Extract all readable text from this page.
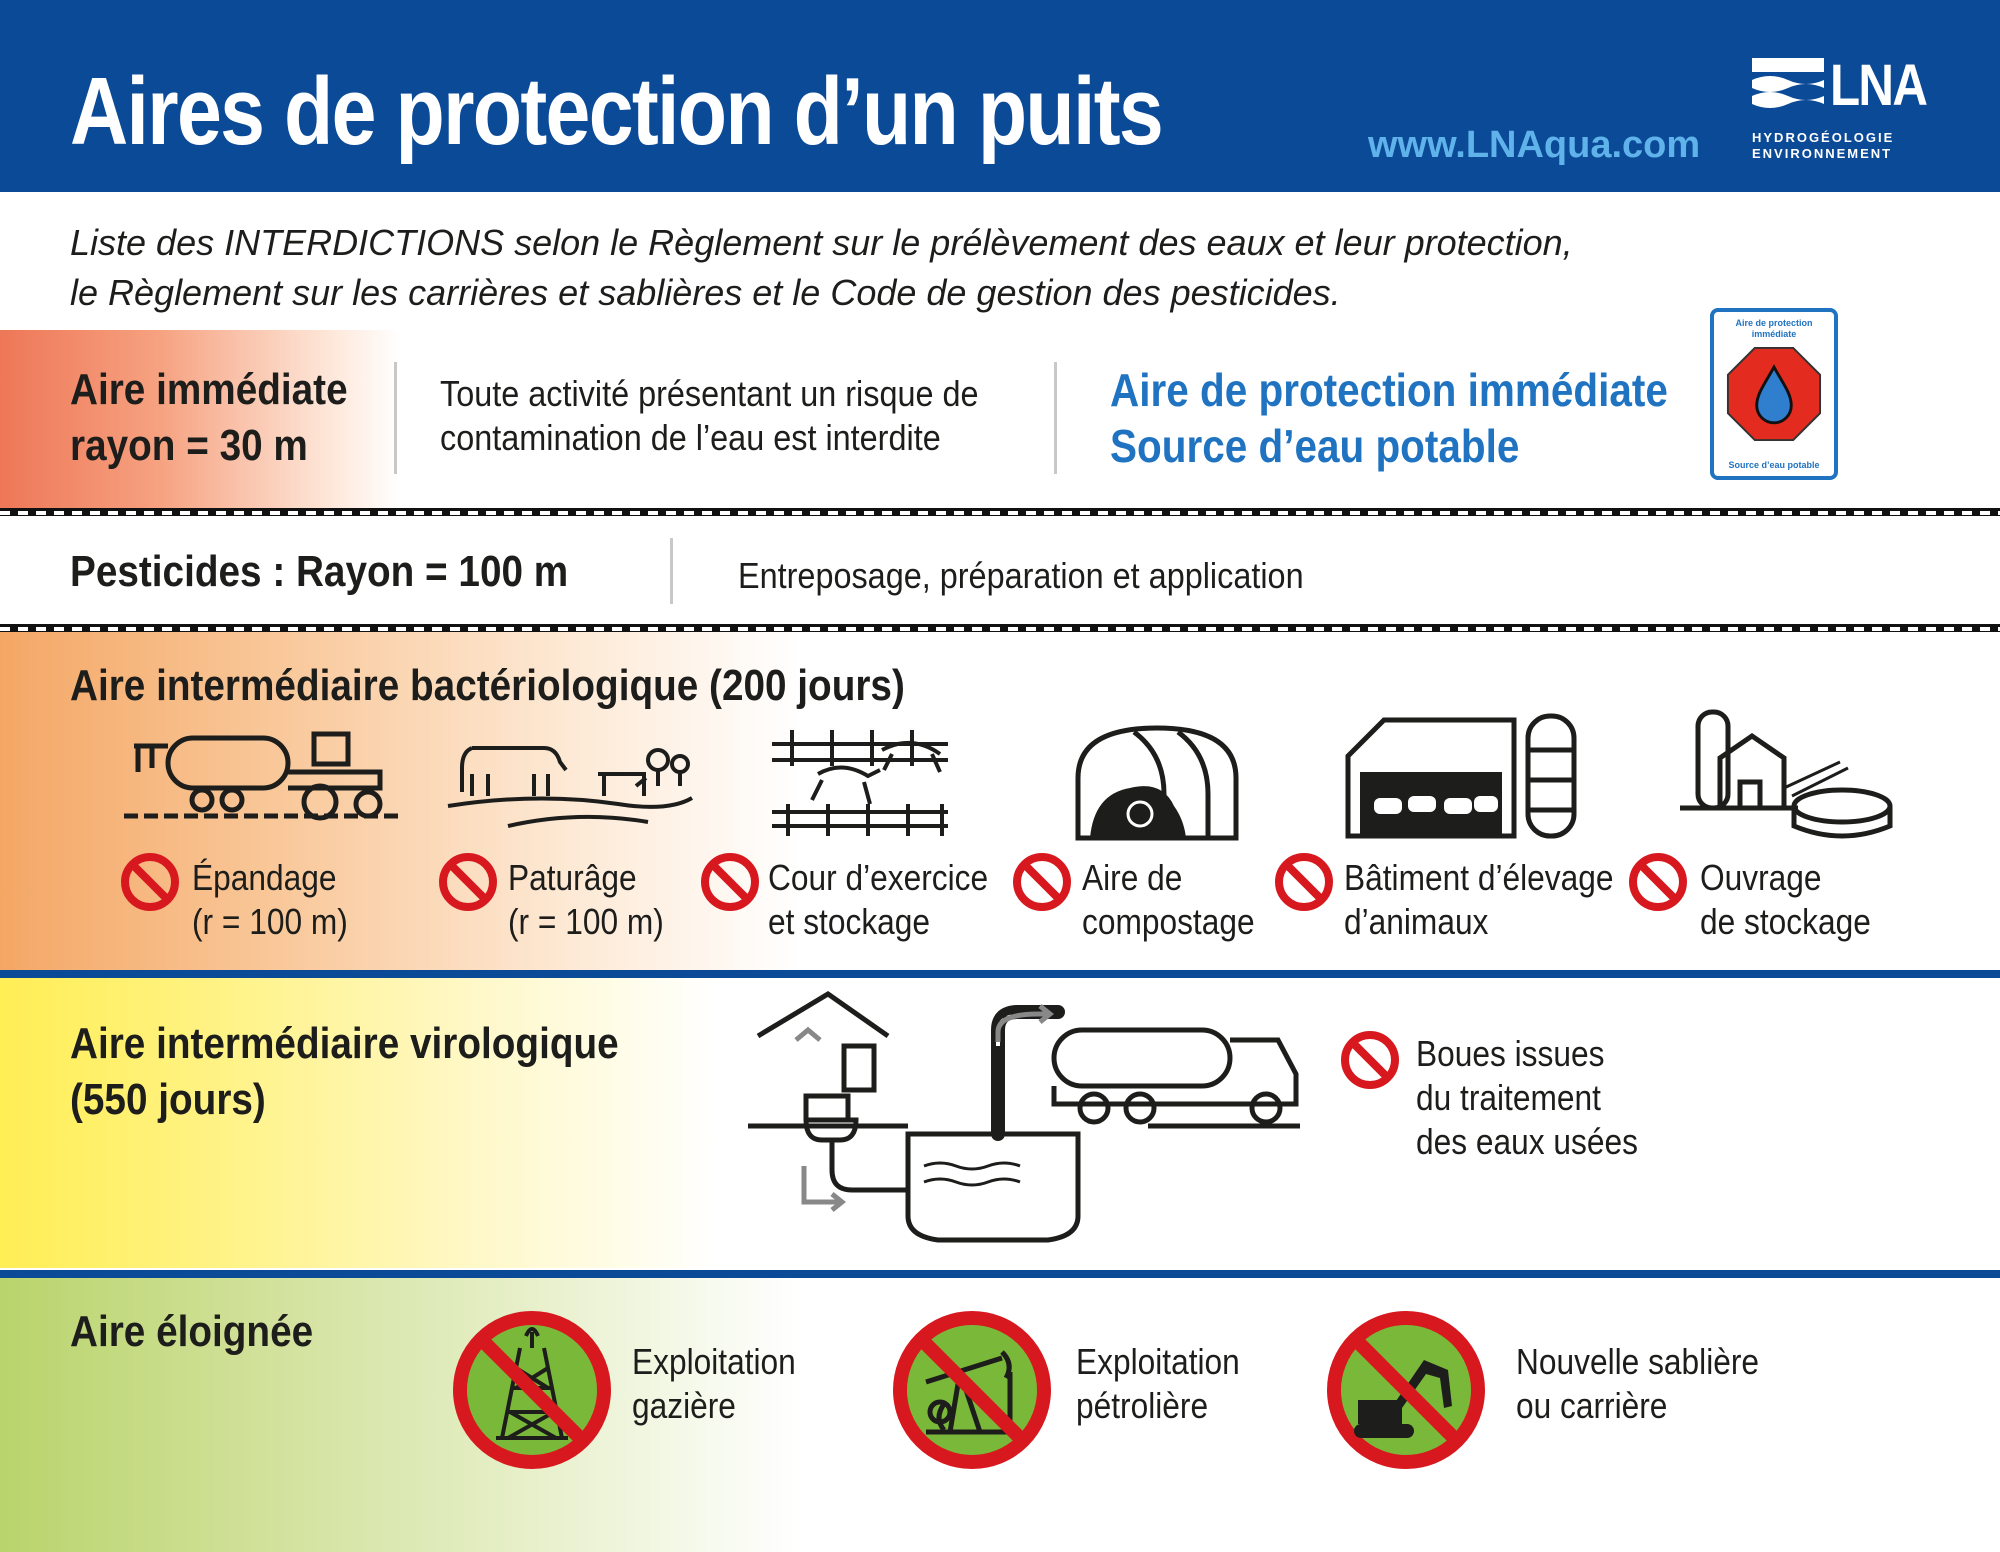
Aires de protection d’un puits	www.LNAqua.com
LNA
HYDROGÉOLOGIE
ENVIRONNEMENT
Liste des INTERDICTIONS selon le Règlement sur le prélèvement des eaux et leur protection,
le Règlement sur les carrières et sablières et le Code de gestion des pesticides.
Aire immédiate
rayon = 30 m
Toute activité présentant un risque de
contamination de l’eau est interdite
Aire de protection immédiate
Source d’eau potable
Aire de protection immédiate
Source d’eau potable
Pesticides : Rayon = 100 m	Entreposage, préparation et application
Aire intermédiaire bactériologique (200 jours)
Épandage
(r = 100 m)
Paturâge
(r = 100 m)
Cour d’exercice
et stockage
Aire de
compostage
Bâtiment d’élevage
d’animaux
Ouvrage
de stockage
Aire intermédiaire virologique
(550 jours)
Boues issues
du traitement
des eaux usées
Aire éloignée
Exploitation
gazière
Exploitation
pétrolière
Nouvelle sablière
ou carrière
